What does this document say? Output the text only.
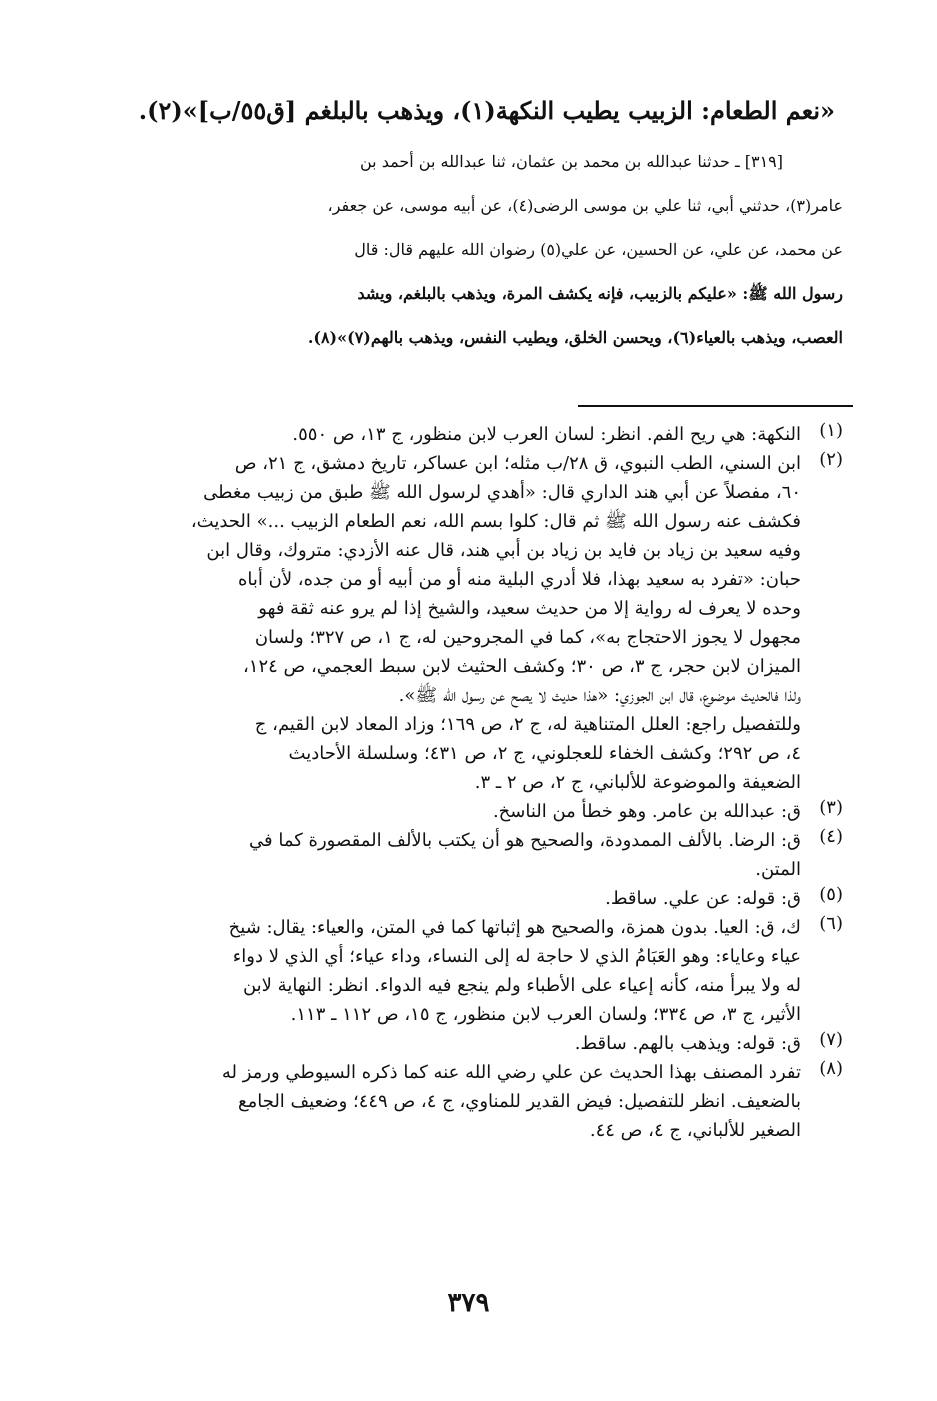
«نعم الطعام: الزبيب يطيب النكهة(١)، ويذهب بالبلغم [ق٥٥/ب]»(٢).
[٣١٩] ـ حدثنا عبدالله بن محمد بن عثمان، ثنا عبدالله بن أحمد بن
عامر(٣)، حدثني أبي، ثنا علي بن موسى الرضى(٤)، عن أبيه موسى، عن جعفر،
عن محمد، عن علي، عن الحسين، عن علي(٥) رضوان الله عليهم قال: قال
رسول الله ﷺ: «عليكم بالزبيب، فإنه يكشف المرة، ويذهب بالبلغم، ويشد
العصب، ويذهب بالعياء(٦)، ويحسن الخلق، ويطيب النفس، ويذهب بالهم(٧)»(٨).
(١)
النكهة: هي ريح الفم. انظر: لسان العرب لابن منظور، ج ١٣، ص ٥٥٠.
(٢)
ابن السني، الطب النبوي، ق ٢٨/ب مثله؛ ابن عساكر، تاريخ دمشق، ج ٢١، ص
٦٠، مفصلاً عن أبي هند الداري قال: «أهدي لرسول الله ﷺ طبق من زبيب مغطى
فكشف عنه رسول الله ﷺ ثم قال: كلوا بسم الله، نعم الطعام الزبيب ...» الحديث،
وفيه سعيد بن زياد بن فايد بن زياد بن أبي هند، قال عنه الأزدي: متروك، وقال ابن
حبان: «تفرد به سعيد بهذا، فلا أدري البلية منه أو من أبيه أو من جده، لأن أباه
وحده لا يعرف له رواية إلا من حديث سعيد، والشيخ إذا لم يرو عنه ثقة فهو
مجهول لا يجوز الاحتجاج به»، كما في المجروحين له، ج ١، ص ٣٢٧؛ ولسان
الميزان لابن حجر، ج ٣، ص ٣٠؛ وكشف الحثيث لابن سبط العجمي، ص ١٢٤،
ولذا فالحديث موضوع، قال ابن الجوزي: «هذا حديث لا يصح عن رسول الله ﷺ».
وللتفصيل راجع: العلل المتناهية له، ج ٢، ص ١٦٩؛ وزاد المعاد لابن القيم، ج
٤، ص ٢٩٢؛ وكشف الخفاء للعجلوني، ج ٢، ص ٤٣١؛ وسلسلة الأحاديث
الضعيفة والموضوعة للألباني، ج ٢، ص ٢ ـ ٣.
(٣)
ق: عبدالله بن عامر. وهو خطأ من الناسخ.
(٤)
ق: الرضا. بالألف الممدودة، والصحيح هو أن يكتب بالألف المقصورة كما في
المتن.
(٥)
ق: قوله: عن علي. ساقط.
(٦)
ك، ق: العيا. بدون همزة، والصحيح هو إثباتها كما في المتن، والعياء: يقال: شيخ
عياء وعاياء: وهو العَبَامُ الذي لا حاجة له إلى النساء، وداء عياء؛ أي الذي لا دواء
له ولا يبرأ منه، كأنه إعياء على الأطباء ولم ينجع فيه الدواء. انظر: النهاية لابن
الأثير، ج ٣، ص ٣٣٤؛ ولسان العرب لابن منظور، ج ١٥، ص ١١٢ ـ ١١٣.
(٧)
ق: قوله: ويذهب بالهم. ساقط.
(٨)
تفرد المصنف بهذا الحديث عن علي رضي الله عنه كما ذكره السيوطي ورمز له
بالضعيف. انظر للتفصيل: فيض القدير للمناوي، ج ٤، ص ٤٤٩؛ وضعيف الجامع
الصغير للألباني، ج ٤، ص ٤٤.
٣٧٩
